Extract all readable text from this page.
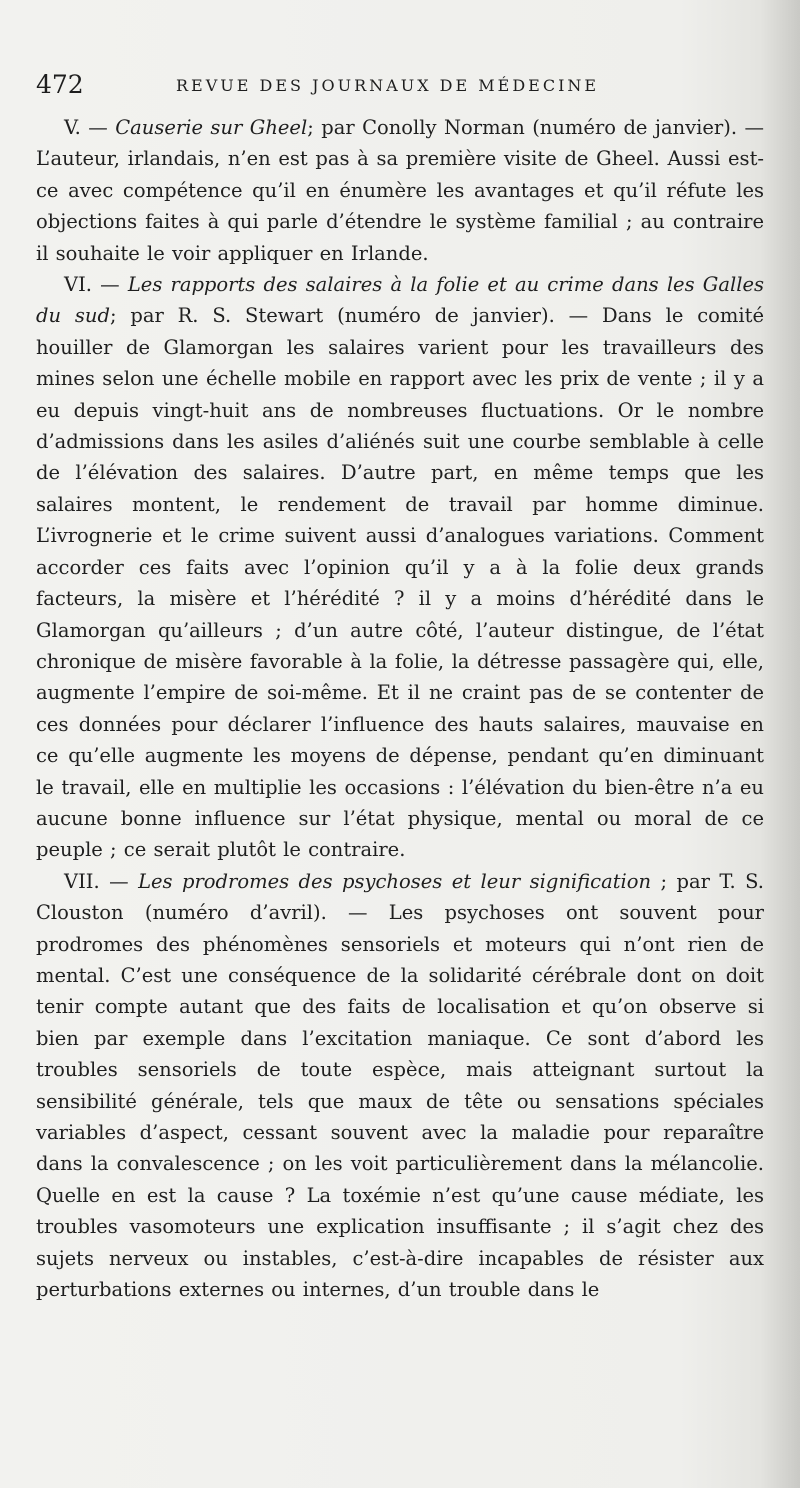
472	REVUE DES JOURNAUX DE MÉDECINE

V. — Causerie sur Gheel; par Conolly Norman (numéro de janvier). — L’auteur, irlandais, n’en est pas à sa première visite de Gheel. Aussi est-ce avec compétence qu’il en énumère les avantages et qu’il réfute les objections faites à qui parle d’étendre le système familial ; au contraire il souhaite le voir appliquer en Irlande.

VI. — Les rapports des salaires à la folie et au crime dans les Galles du sud; par R. S. Stewart (numéro de janvier). — Dans le comité houiller de Glamorgan les salaires varient pour les travailleurs des mines selon une échelle mobile en rapport avec les prix de vente ; il y a eu depuis vingt-huit ans de nombreuses fluctuations. Or le nombre d’admissions dans les asiles d’aliénés suit une courbe semblable à celle de l’élévation des salaires. D’autre part, en même temps que les salaires montent, le rendement de travail par homme diminue. L’ivrognerie et le crime suivent aussi d’analogues variations. Comment accorder ces faits avec l’opinion qu’il y a à la folie deux grands facteurs, la misère et l’hérédité ? il y a moins d’hérédité dans le Glamorgan qu’ailleurs ; d’un autre côté, l’auteur distingue, de l’état chronique de misère favorable à la folie, la détresse passagère qui, elle, augmente l’empire de soi-même. Et il ne craint pas de se contenter de ces données pour déclarer l’influence des hauts salaires, mauvaise en ce qu’elle augmente les moyens de dépense, pendant qu’en diminuant le travail, elle en multiplie les occasions : l’élévation du bien-être n’a eu aucune bonne influence sur l’état physique, mental ou moral de ce peuple ; ce serait plutôt le contraire.

VII. — Les prodromes des psychoses et leur signification ; par T. S. Clouston (numéro d’avril). — Les psychoses ont souvent pour prodromes des phénomènes sensoriels et moteurs qui n’ont rien de mental. C’est une conséquence de la solidarité cérébrale dont on doit tenir compte autant que des faits de localisation et qu’on observe si bien par exemple dans l’excitation maniaque. Ce sont d’abord les troubles sensoriels de toute espèce, mais atteignant surtout la sensibilité générale, tels que maux de tête ou sensations spéciales variables d’aspect, cessant souvent avec la maladie pour reparaître dans la convalescence ; on les voit particulièrement dans la mélancolie. Quelle en est la cause ? La toxémie n’est qu’une cause médiate, les troubles vasomoteurs une explication insuffisante ; il s’agit chez des sujets nerveux ou instables, c’est-à-dire incapables de résister aux perturbations externes ou internes, d’un trouble dans le
